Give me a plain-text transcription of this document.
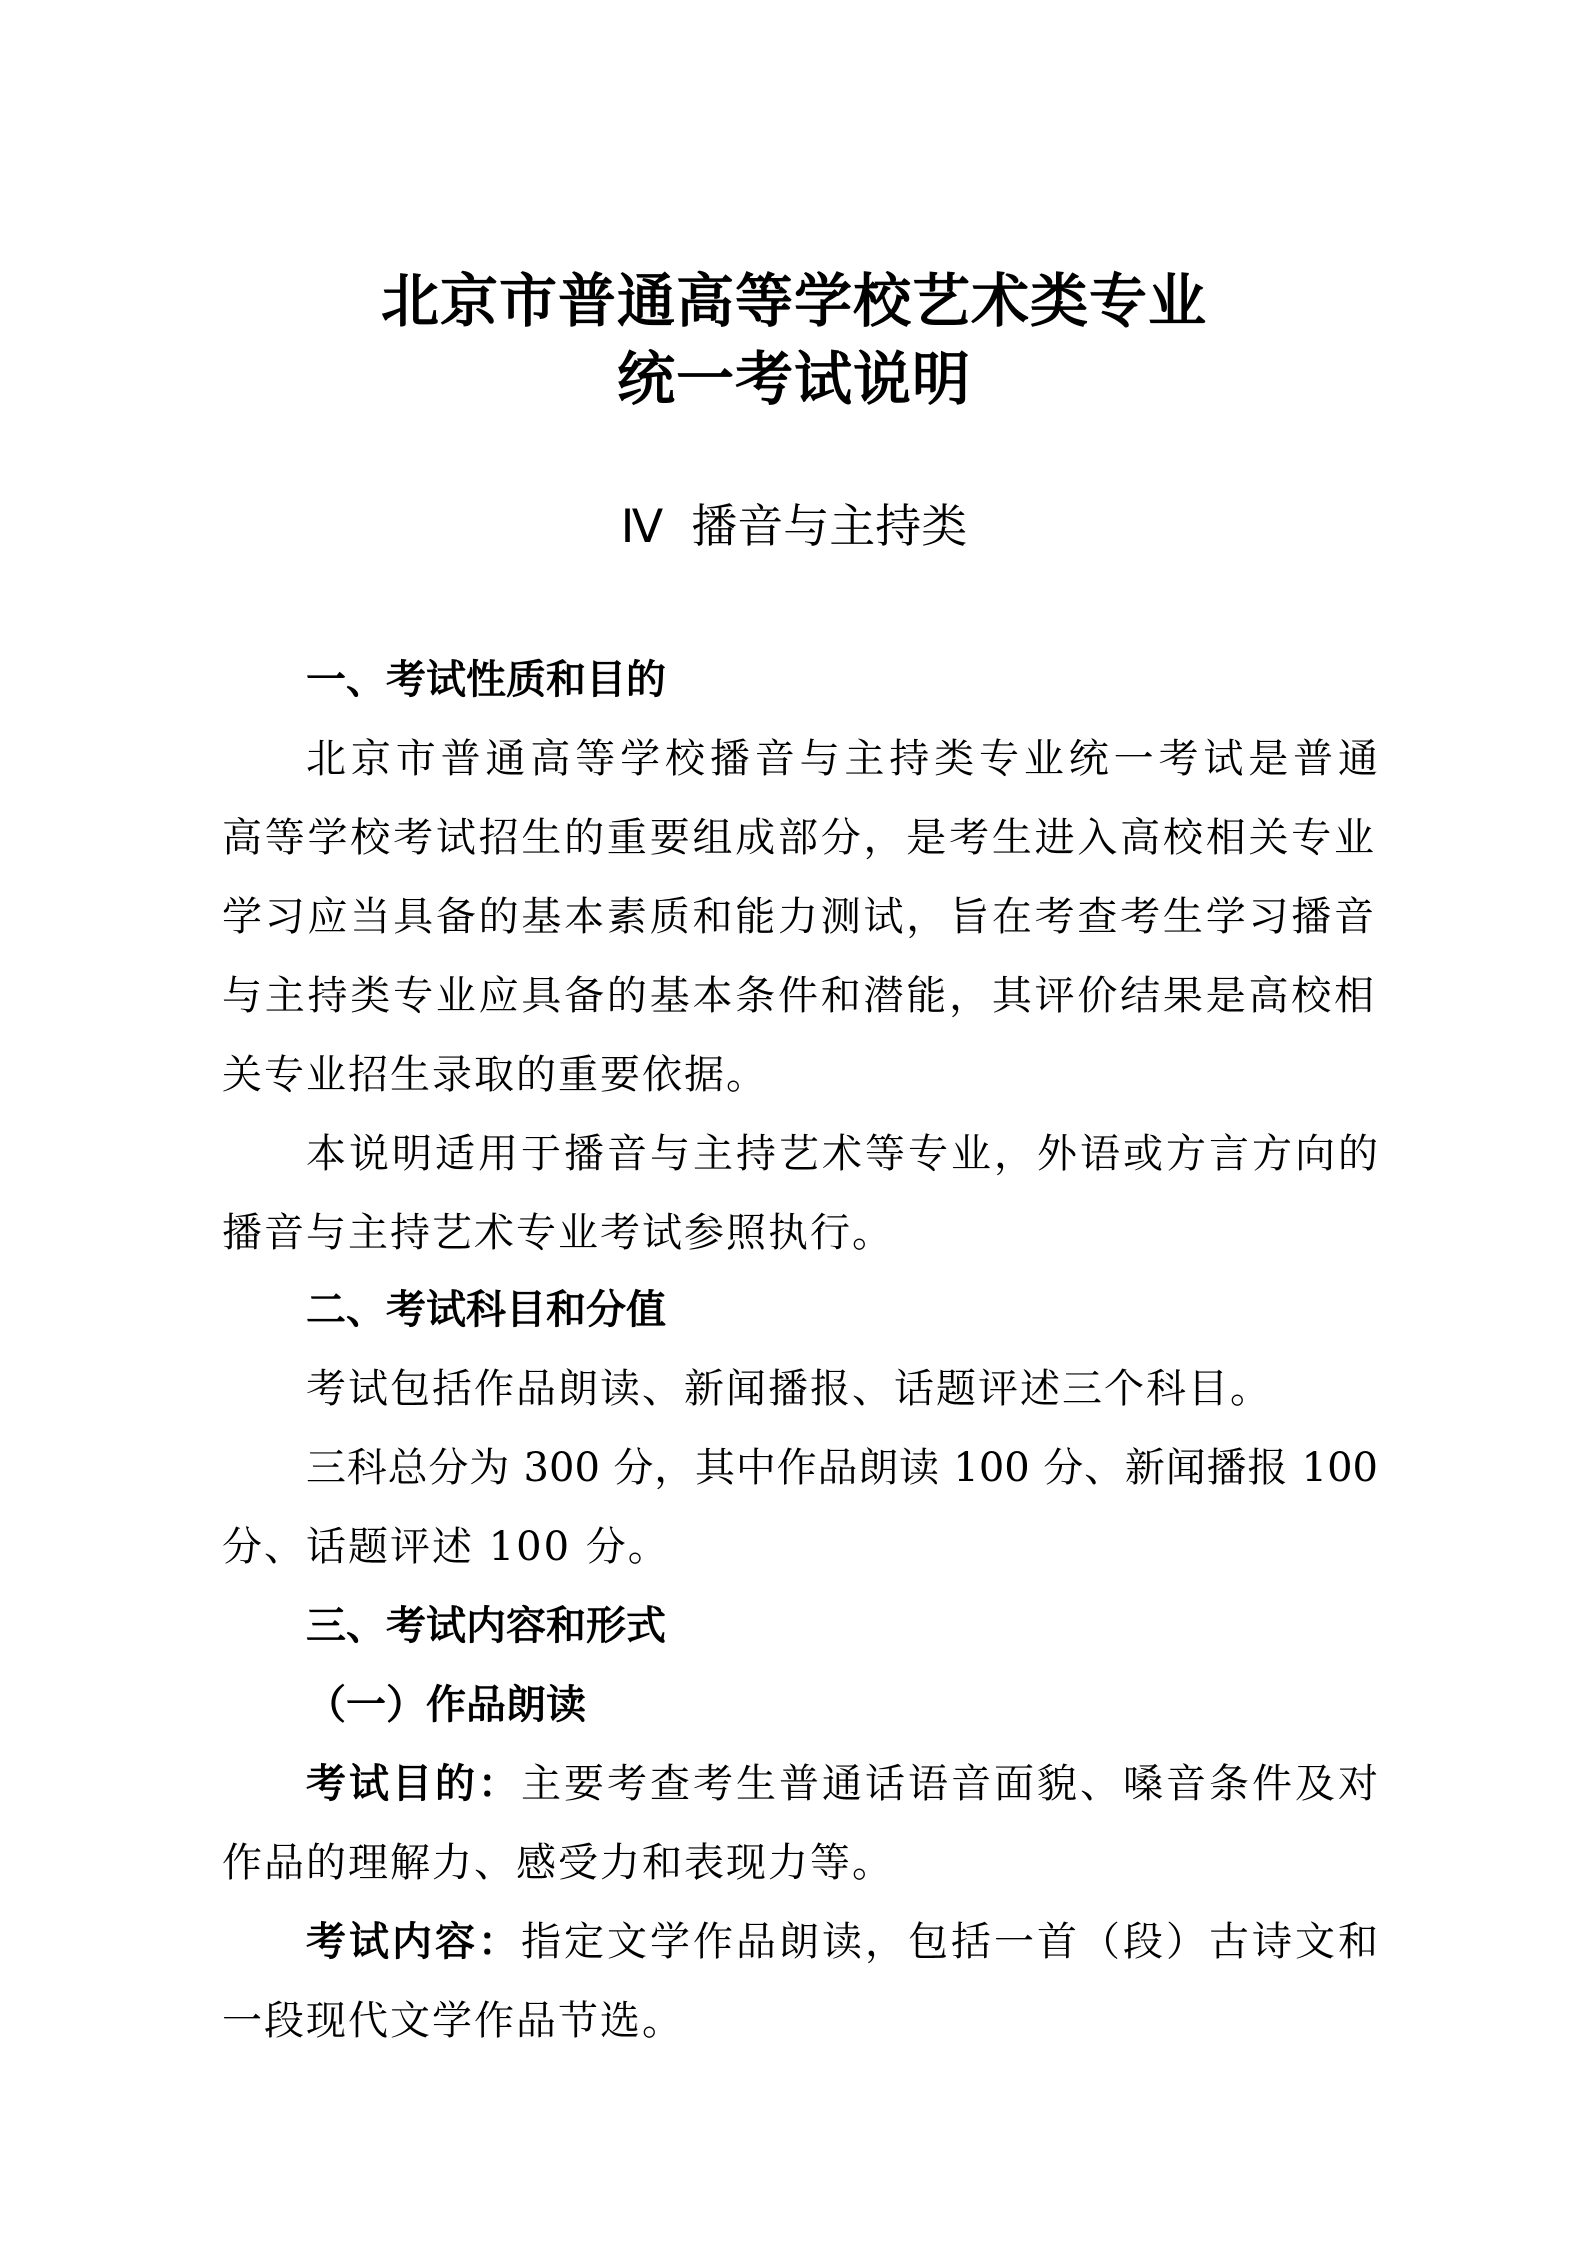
北京市普通高等学校艺术类专业
统一考试说明
Ⅳ 播音与主持类
一、考试性质和目的
北京市普通高等学校播音与主持类专业统一考试是普通
高等学校考试招生的重要组成部分，是考生进入高校相关专业
学习应当具备的基本素质和能力测试，旨在考查考生学习播音
与主持类专业应具备的基本条件和潜能，其评价结果是高校相
关专业招生录取的重要依据。
本说明适用于播音与主持艺术等专业，外语或方言方向的
播音与主持艺术专业考试参照执行。
二、考试科目和分值
考试包括作品朗读、新闻播报、话题评述三个科目。
三科总分为 300 分，其中作品朗读 100 分、新闻播报 100
分、话题评述 100 分。
三、考试内容和形式
（一）作品朗读
考试目的：主要考查考生普通话语音面貌、嗓音条件及对
作品的理解力、感受力和表现力等。
考试内容：指定文学作品朗读，包括一首（段）古诗文和
一段现代文学作品节选。
